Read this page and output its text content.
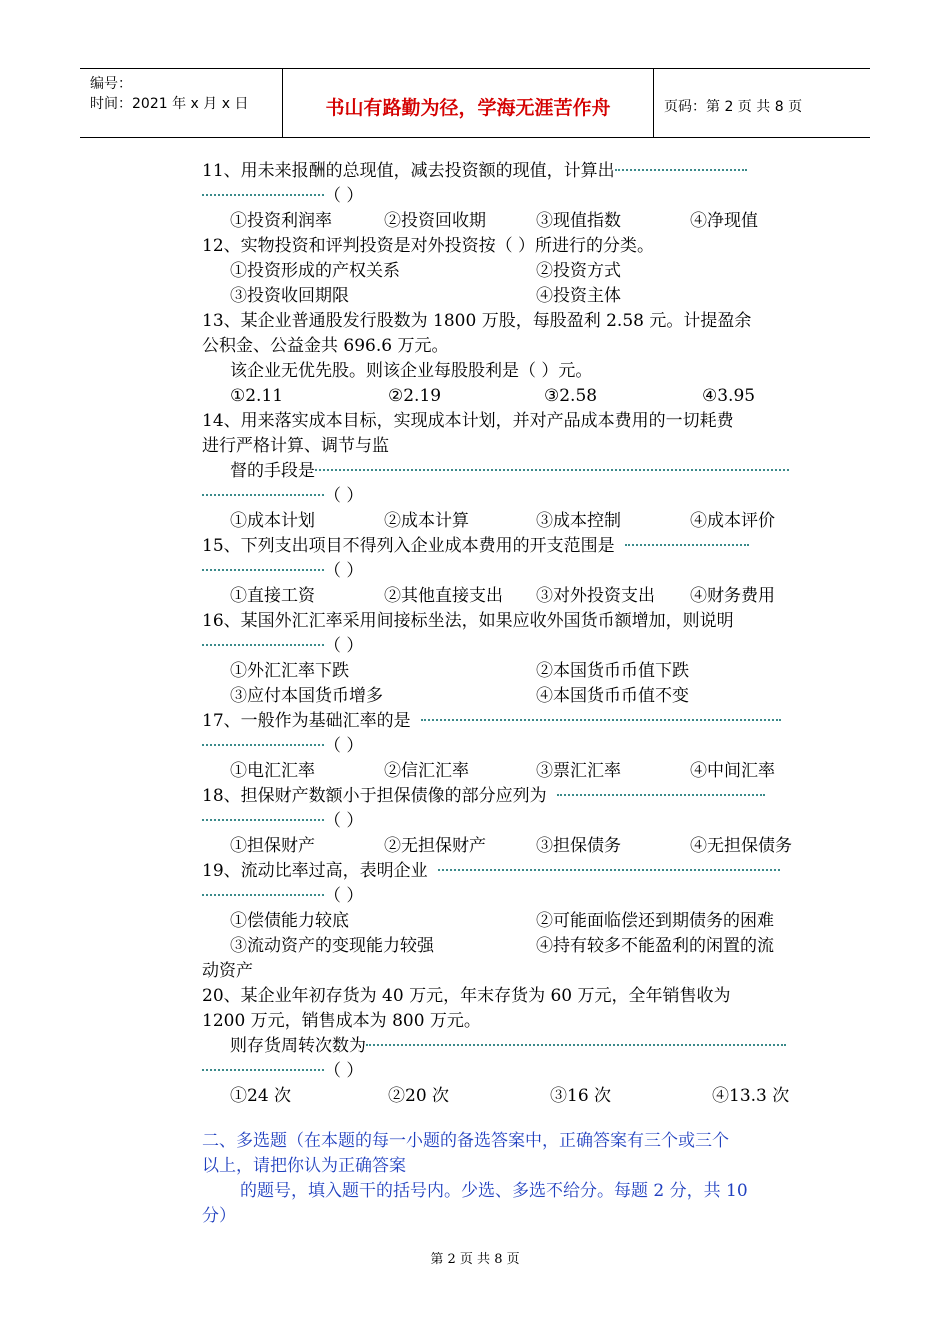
编号：
时间：2021 年 x 月 x 日	书山有路勤为径，学海无涯苦作舟	页码：第 2 页 共 8 页
11、用未来报酬的总现值，减去投资额的现值，计算出
（ ）
①投资利润率	②投资回收期	③现值指数	④净现值
12、实物投资和评判投资是对外投资按（ ）所进行的分类。
①投资形成的产权关系	②投资方式
③投资收回期限	④投资主体
13、某企业普通股发行股数为 1800 万股，每股盈利 2.58 元。计提盈余
公积金、公益金共 696.6 万元。
该企业无优先股。则该企业每股股利是（ ）元。
①2.11	②2.19	③2.58	④3.95
14、用来落实成本目标，实现成本计划，并对产品成本费用的一切耗费
进行严格计算、调节与监
督的手段是
（ ）
①成本计划	②成本计算	③成本控制	④成本评价
15、下列支出项目不得列入企业成本费用的开支范围是
（ ）
①直接工资	②其他直接支出 ③对外投资支出 ④财务费用
16、某国外汇汇率采用间接标坐法，如果应收外国货币额增加，则说明
（ ）
①外汇汇率下跌	②本国货币币值下跌
③应付本国货币增多	④本国货币币值不变
17、一般作为基础汇率的是
（ ）
①电汇汇率	②信汇汇率	③票汇汇率	④中间汇率
18、担保财产数额小于担保债像的部分应列为
（ ）
①担保财产	②无担保财产	③担保债务	④无担保债务
19、流动比率过高，表明企业
（ ）
①偿债能力较底	②可能面临偿还到期债务的困难
③流动资产的变现能力较强	④持有较多不能盈利的闲置的流
动资产
20、某企业年初存货为 40 万元，年末存货为 60 万元，全年销售收为
1200 万元，销售成本为 800 万元。
则存货周转次数为
（ ）
①24 次	②20 次	③16 次	④13.3 次
二、多选题（在本题的每一小题的备选答案中，正确答案有三个或三个
以上，请把你认为正确答案
的题号，填入题干的括号内。少选、多选不给分。每题 2 分，共 10
分）
第 2 页 共 8 页
